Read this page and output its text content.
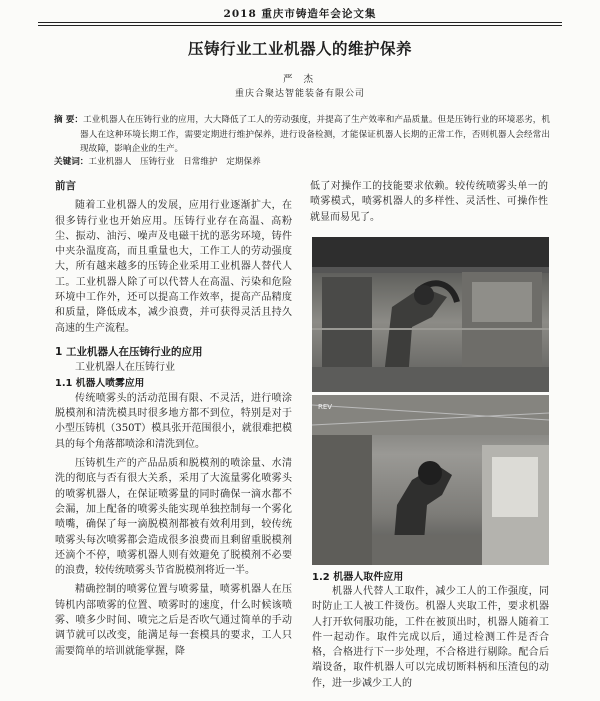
2018 重庆市铸造年会论文集
压铸行业工业机器人的维护保养
严 杰
重庆合聚达智能装备有限公司
摘 要：工业机器人在压铸行业的应用，大大降低了工人的劳动强度，并提高了生产效率和产品质量。但是压铸行业的环境恶劣，机器人在这种环境长期工作，需要定期进行维护保养，进行设备检测，才能保证机器人长期的正常工作，否则机器人会经常出现故障，影响企业的生产。
关键词：工业机器人 压铸行业 日常维护 定期保养
前言

随着工业机器人的发展，应用行业逐渐扩大，在很多铸行业也开始应用。压铸行业存在高温、高粉尘、振动、油污、噪声及电磁干扰的恶劣环境，铸件中夹杂温度高，而且重量也大，工作工人的劳动强度大，所有越来越多的压铸企业采用工业机器人替代人工。工业机器人除了可以代替人在高温、污染和危险环境中工作外，还可以提高工作效率，提高产品精度和质量，降低成本，减少浪费，并可获得灵活且持久高速的生产流程。

1 工业机器人在压铸行业的应用

工业机器人在压铸行业

1.1 机器人喷雾应用

传统喷雾头的活动范围有限、不灵活，进行喷涂脱模剂和清洗模具时很多地方都不到位，特别是对于小型压铸机（350T）模具张开范围很小，就很难把模具的每个角落都喷涂和清洗到位。

压铸机生产的产品品质和脱模剂的喷涂量、水清洗的彻底与否有很大关系，采用了大流量雾化喷雾头的喷雾机器人，在保证喷雾量的同时确保一滴水都不会漏，加上配备的喷雾头能实现单独控制每一个雾化喷嘴，确保了每一滴脱模剂都被有效利用到，较传统喷雾头每次喷雾都会造成很多浪费而且剩留重脱模剂还滴个不停，喷雾机器人则有效避免了脱模剂不必要的浪费，较传统喷雾头节省脱模剂将近一半。

精确控制的喷雾位置与喷雾量，喷雾机器人在压铸机内部喷雾的位置、喷雾时的速度，什么时候该喷雾、喷多少时间、喷完之后是否吹气通过简单的手动调节就可以改变，能满足每一套模具的要求，工人只需要简单的培训就能掌握，降

低了对操作工的技能要求依赖。较传统喷雾头单一的喷雾模式，喷雾机器人的多样性、灵活性、可操作性就显而易见了。

REV
1.2 机器人取件应用

机器人代替人工取件，减少工人的工作强度，同时防止工人被工件烫伤。机器人夹取工件，要求机器人打开软伺服功能，工件在被顶出时，机器人随着工件一起动作。取件完成以后，通过检测工件是否合格，合格进行下一步处理，不合格进行剔除。配合后端设备，取件机器人可以完成切断料柄和压渣包的动作，进一步减少工人的
